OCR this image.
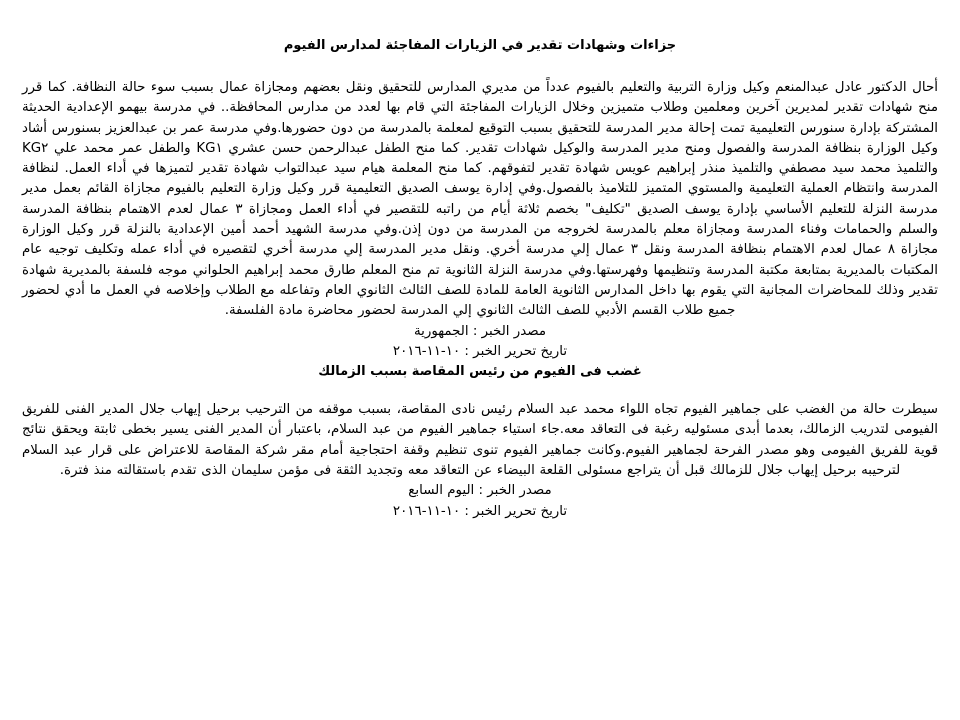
جزاءات وشهادات تقدير في الزيارات المفاجئة لمدارس الفيوم

أحال الدكتور عادل عبدالمنعم وكيل وزارة التربية والتعليم بالفيوم عدداً من مديري المدارس للتحقيق ونقل بعضهم ومجازاة عمال بسبب سوء حالة النظافة. كما قرر منح شهادات تقدير لمديرين آخرين ومعلمين وطلاب متميزين وخلال الزيارات المفاجئة التي قام بها لعدد من مدارس المحافظة.. في مدرسة بيهمو الإعدادية الحديثة المشتركة بإدارة سنورس التعليمية تمت إحالة مدير المدرسة للتحقيق بسبب التوقيع لمعلمة بالمدرسة من دون حضورها.وفي مدرسة عمر بن عبدالعزيز بسنورس أشاد وكيل الوزارة بنظافة المدرسة والفصول ومنح مدير المدرسة والوكيل شهادات تقدير. كما منح الطفل عبدالرحمن حسن عشري KG١ والطفل عمر محمد علي KG٢ والتلميذ محمد سيد مصطفي والتلميذ منذر إبراهيم عويس شهادة تقدير لتفوقهم. كما منح المعلمة هيام سيد عبدالتواب شهادة تقدير لتميزها في أداء العمل. لنظافة المدرسة وانتظام العملية التعليمية والمستوي المتميز للتلاميذ بالفصول.وفي إدارة يوسف الصديق التعليمية قرر وكيل وزارة التعليم بالفيوم مجازاة القائم بعمل مدير مدرسة النزلة للتعليم الأساسي بإدارة يوسف الصديق "تكليف" بخصم ثلاثة أيام من راتبه للتقصير في أداء العمل ومجازاة ٣ عمال لعدم الاهتمام بنظافة المدرسة والسلم والحمامات وفناء المدرسة ومجازاة معلم بالمدرسة لخروجه من المدرسة من دون إذن.وفي مدرسة الشهيد أحمد أمين الإعدادية بالنزلة قرر وكيل الوزارة مجازاة ٨ عمال لعدم الاهتمام بنظافة المدرسة ونقل ٣ عمال إلي مدرسة أخري. ونقل مدير المدرسة إلي مدرسة أخري لتقصيره في أداء عمله وتكليف توجيه عام المكتبات بالمديرية بمتابعة مكتبة المدرسة وتنظيمها وفهرستها.وفي مدرسة النزلة الثانوية تم منح المعلم طارق محمد إبراهيم الحلواني موجه فلسفة بالمديرية شهادة تقدير وذلك للمحاضرات المجانية التي يقوم بها داخل المدارس الثانوية العامة للمادة للصف الثالث الثانوي العام وتفاعله مع الطلاب وإخلاصه في العمل ما أدي لحضور جميع طلاب القسم الأدبي للصف الثالث الثانوي إلي المدرسة لحضور محاضرة مادة الفلسفة.

مصدر الخبر : الجمهورية
تاريخ تحرير الخبر : ١٠-١١-٢٠١٦
غضب فى الفيوم من رئيس المقاصة بسبب الزمالك

سيطرت حالة من الغضب على جماهير الفيوم تجاه اللواء محمد عبد السلام رئيس نادى المقاصة، بسبب موقفه من الترحيب برحيل إيهاب جلال المدير الفنى للفريق الفيومى لتدريب الزمالك، بعدما أبدى مسئوليه رغبة فى التعاقد معه.جاء استياء جماهير الفيوم من عبد السلام، باعتبار أن المدير الفنى يسير بخطى ثابتة ويحقق نتائج قوية للفريق الفيومى وهو مصدر الفرحة لجماهير الفيوم.وكانت جماهير الفيوم تنوى تنظيم وقفة احتجاجية أمام مقر شركة المقاصة للاعتراض على قرار عبد السلام لترحيبه برحيل إيهاب جلال للزمالك قبل أن يتراجع مسئولى القلعة البيضاء عن التعاقد معه وتجديد الثقة فى مؤمن سليمان الذى تقدم باستقالته منذ فترة.

مصدر الخبر : اليوم السابع
تاريخ تحرير الخبر : ١٠-١١-٢٠١٦
